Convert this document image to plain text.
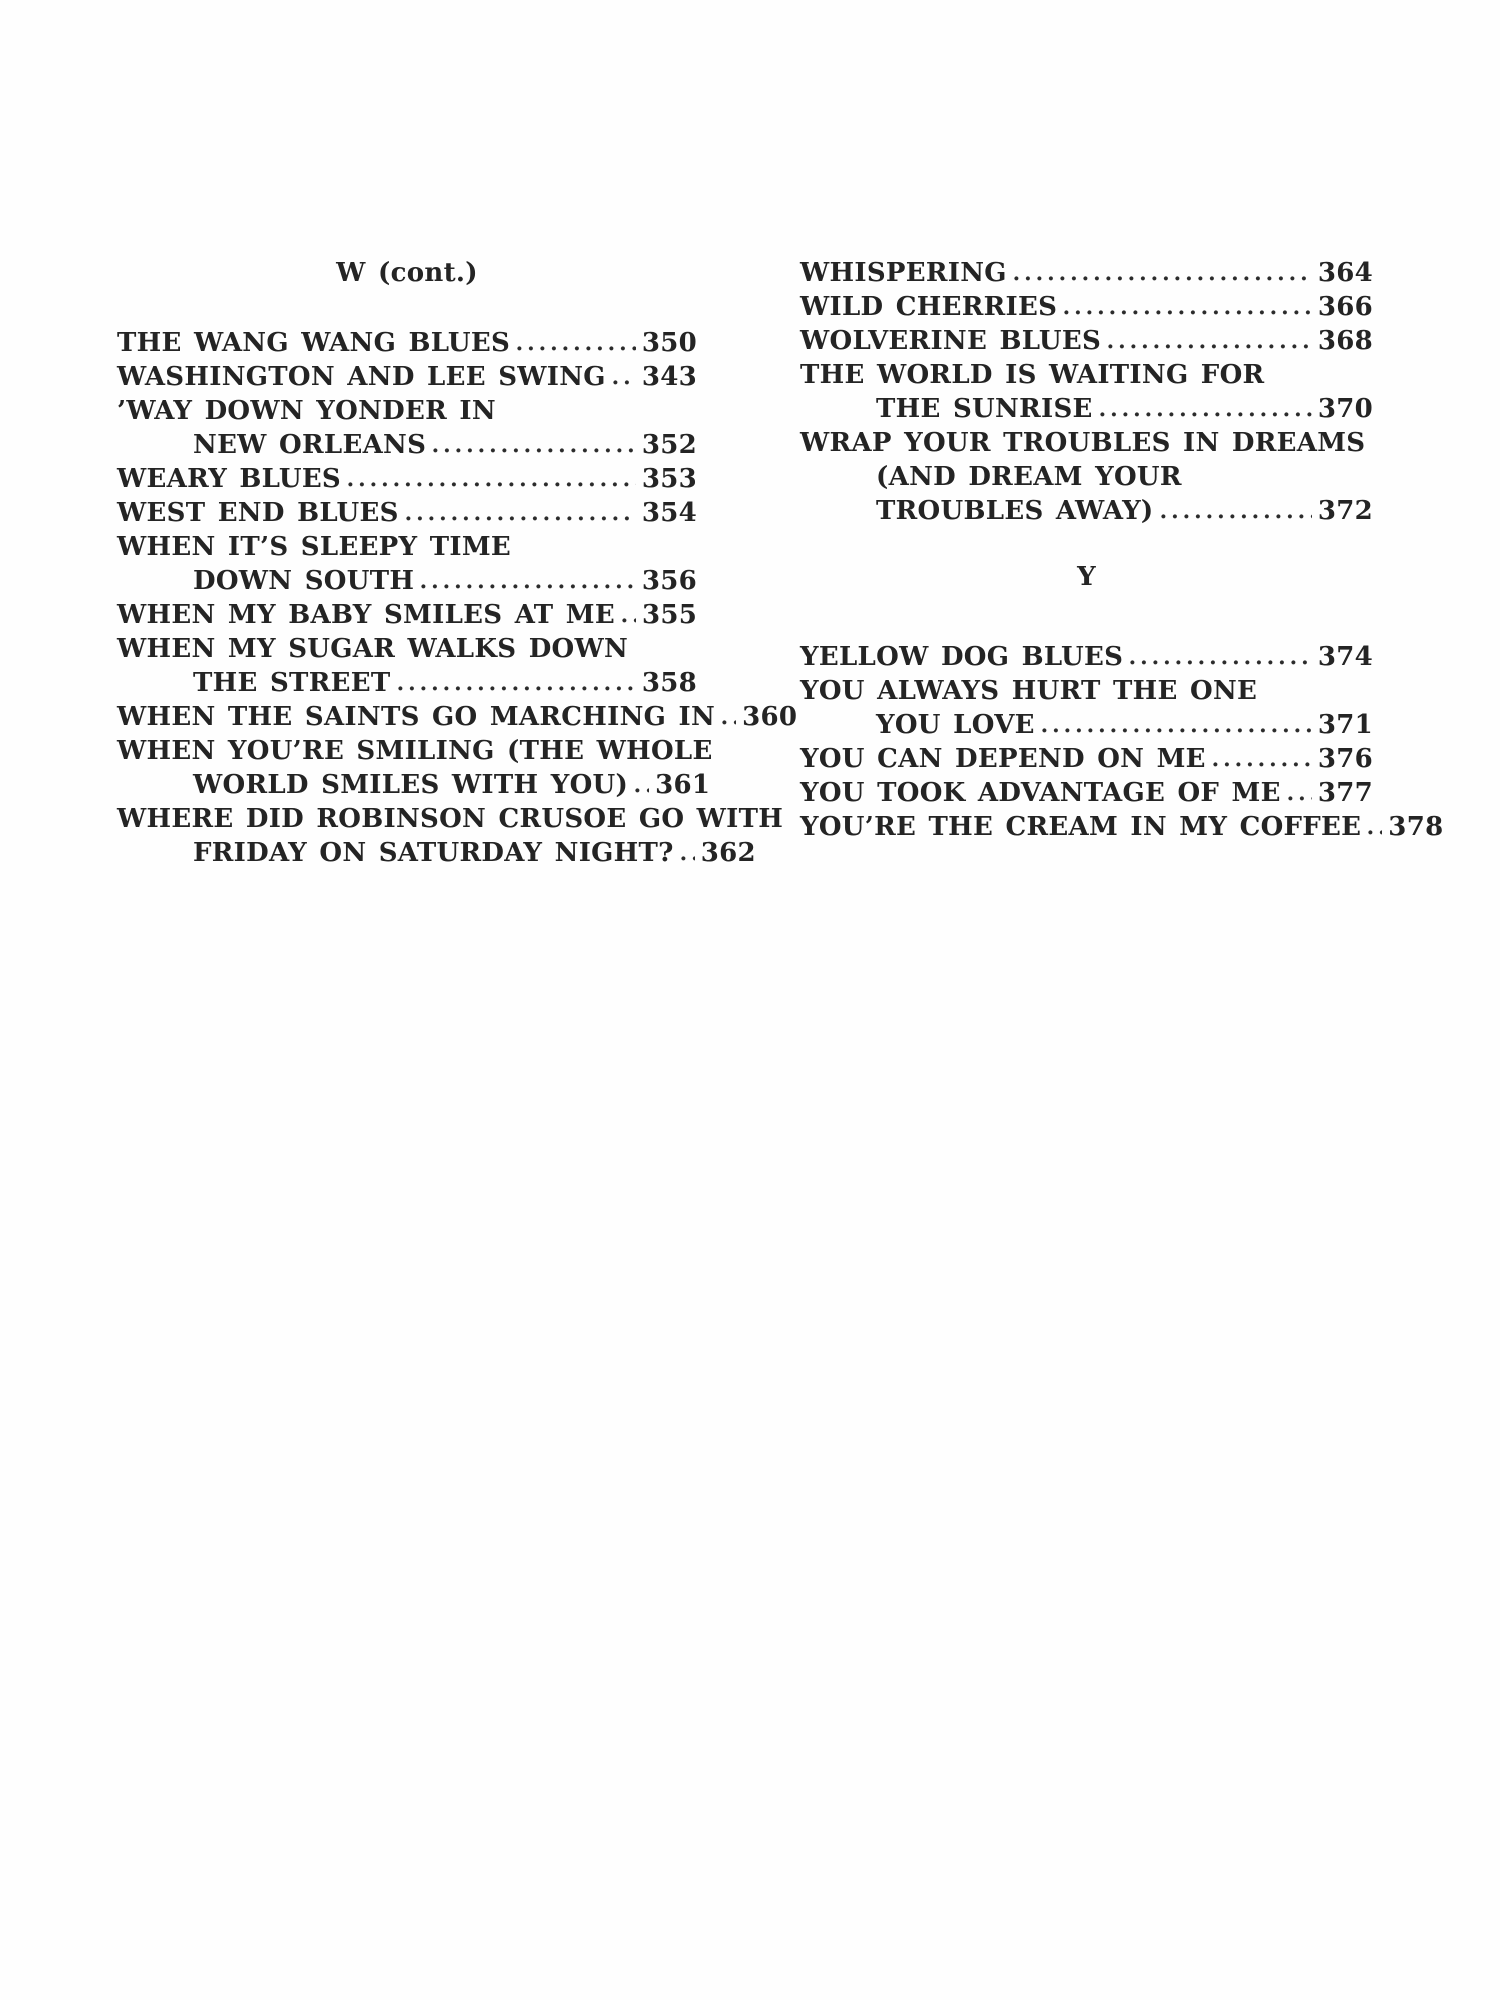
W (cont.)
THE WANG WANG BLUES	350
WASHINGTON AND LEE SWING 343
’WAY DOWN YONDER IN
NEW ORLEANS	352
WEARY BLUES	353
WEST END BLUES	354
WHEN IT’S SLEEPY TIME
DOWN SOUTH	356
WHEN MY BABY SMILES AT ME 355
WHEN MY SUGAR WALKS DOWN
THE STREET	358
WHEN THE SAINTS GO MARCHING IN 360
WHEN YOU’RE SMILING (THE WHOLE
WORLD SMILES WITH YOU) 361
WHERE DID ROBINSON CRUSOE GO WITH
FRIDAY ON SATURDAY NIGHT? 362
WHISPERING	364
WILD CHERRIES	366
WOLVERINE BLUES	368
THE WORLD IS WAITING FOR
THE SUNRISE	370
WRAP YOUR TROUBLES IN DREAMS
(AND DREAM YOUR
TROUBLES AWAY)	372
Y
YELLOW DOG BLUES	374
YOU ALWAYS HURT THE ONE
YOU LOVE	371
YOU CAN DEPEND ON ME	376
YOU TOOK ADVANTAGE OF ME 377
YOU’RE THE CREAM IN MY COFFEE 378
